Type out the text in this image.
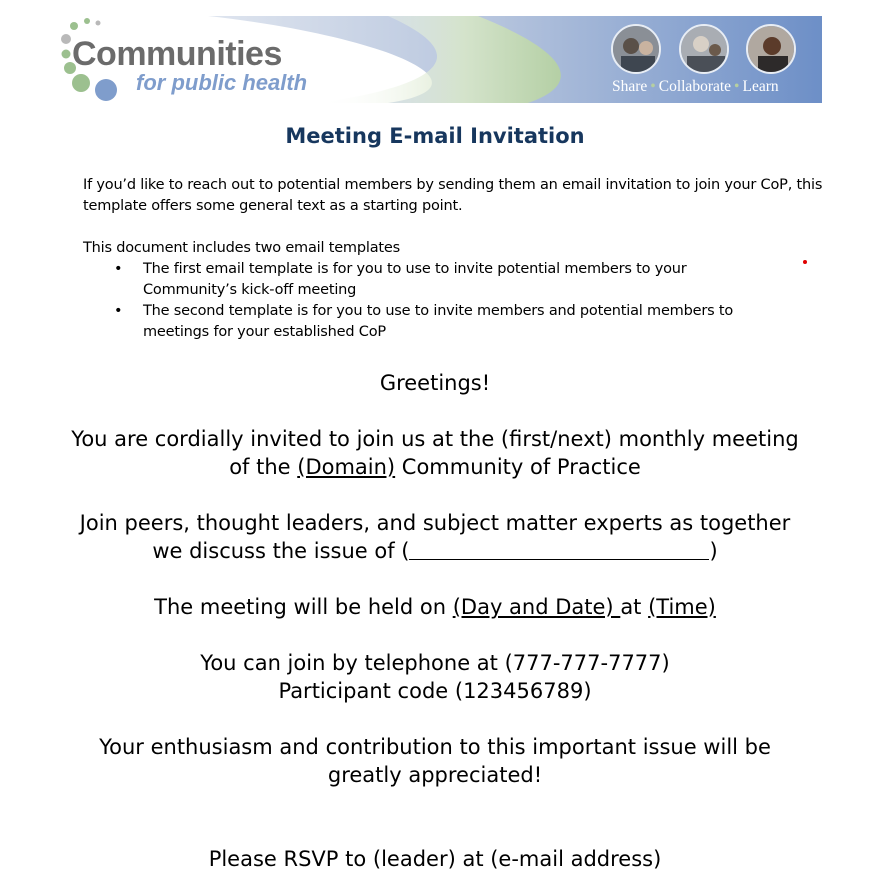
Communities
for public health	Share • Collaborate • Learn
Meeting E-mail Invitation

If you’d like to reach out to potential members by sending them an email invitation to join your CoP, this template offers some general text as a starting point.

This document includes two email templates

• The first email template is for you to use to invite potential members to your Community’s kick-off meeting
• The second template is for you to use to invite members and potential members to meetings for your established CoP

Greetings!

You are cordially invited to join us at the (first/next) monthly meeting
of the (Domain) Community of Practice

Join peers, thought leaders, and subject matter experts as together
we discuss the issue of (	)

The meeting will be held on (Day and Date) at (Time)

You can join by telephone at (777-777-7777)
Participant code (123456789)

Your enthusiasm and contribution to this important issue will be
greatly appreciated!

Please RSVP to (leader) at (e-mail address)
